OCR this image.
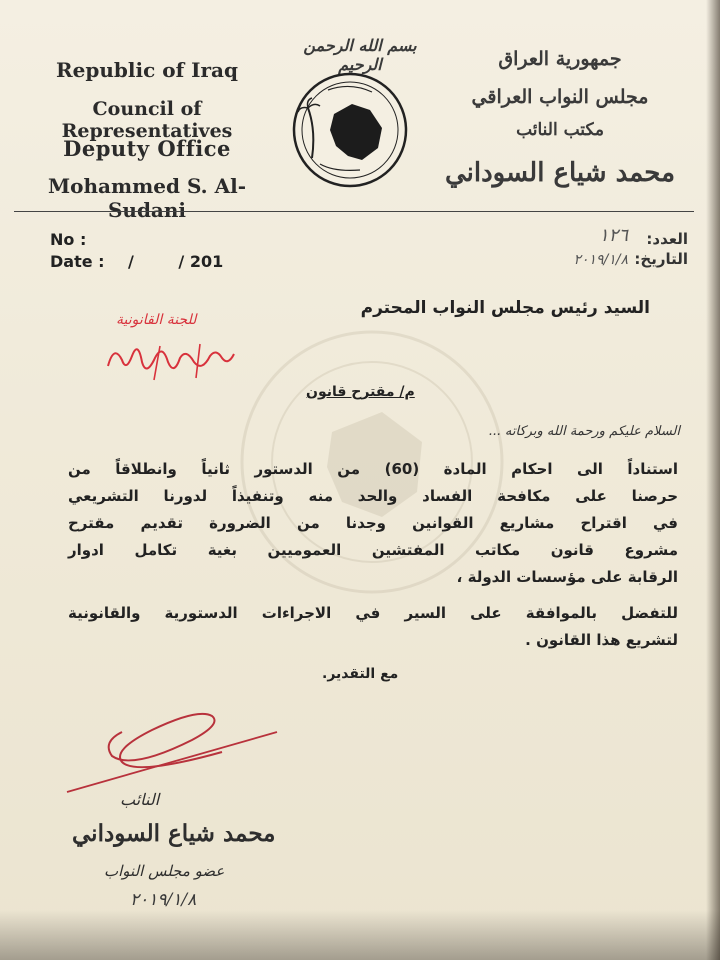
Republic of Iraq
Council of Representatives
Deputy Office
Mohammed S. Al-Sudani
بسم الله الرحمن الرحيم	جمهورية العراق
مجلس النواب العراقي
مكتب النائب
محمد شياع السوداني
No :
Date : /        / 201
العدد:
١٢٦
التاريخ:
٢٠١٩/١/٨
السيد رئيس مجلس النواب المحترم
للجنة القانونية
م/ مقترح قانون
السلام عليكم ورحمة الله وبركاته ...
استناداً الى احكام المادة (60) من الدستور ثانياً وانطلاقاً من
حرصنا على مكافحة الفساد والحد منه وتنفيذاً لدورنا التشريعي
في اقتراح مشاريع القوانين وجدنا من الضرورة تقديم مقترح
مشروع قانون مكاتب المفتشين العموميين بغية تكامل ادوار
الرقابة على مؤسسات الدولة ،
للتفضل بالموافقة على السير في الاجراءات الدستورية والقانونية
لتشريع هذا القانون .
مع التقدير.
النائب
محمد شياع السوداني
عضو مجلس النواب
٢٠١٩/١/٨
